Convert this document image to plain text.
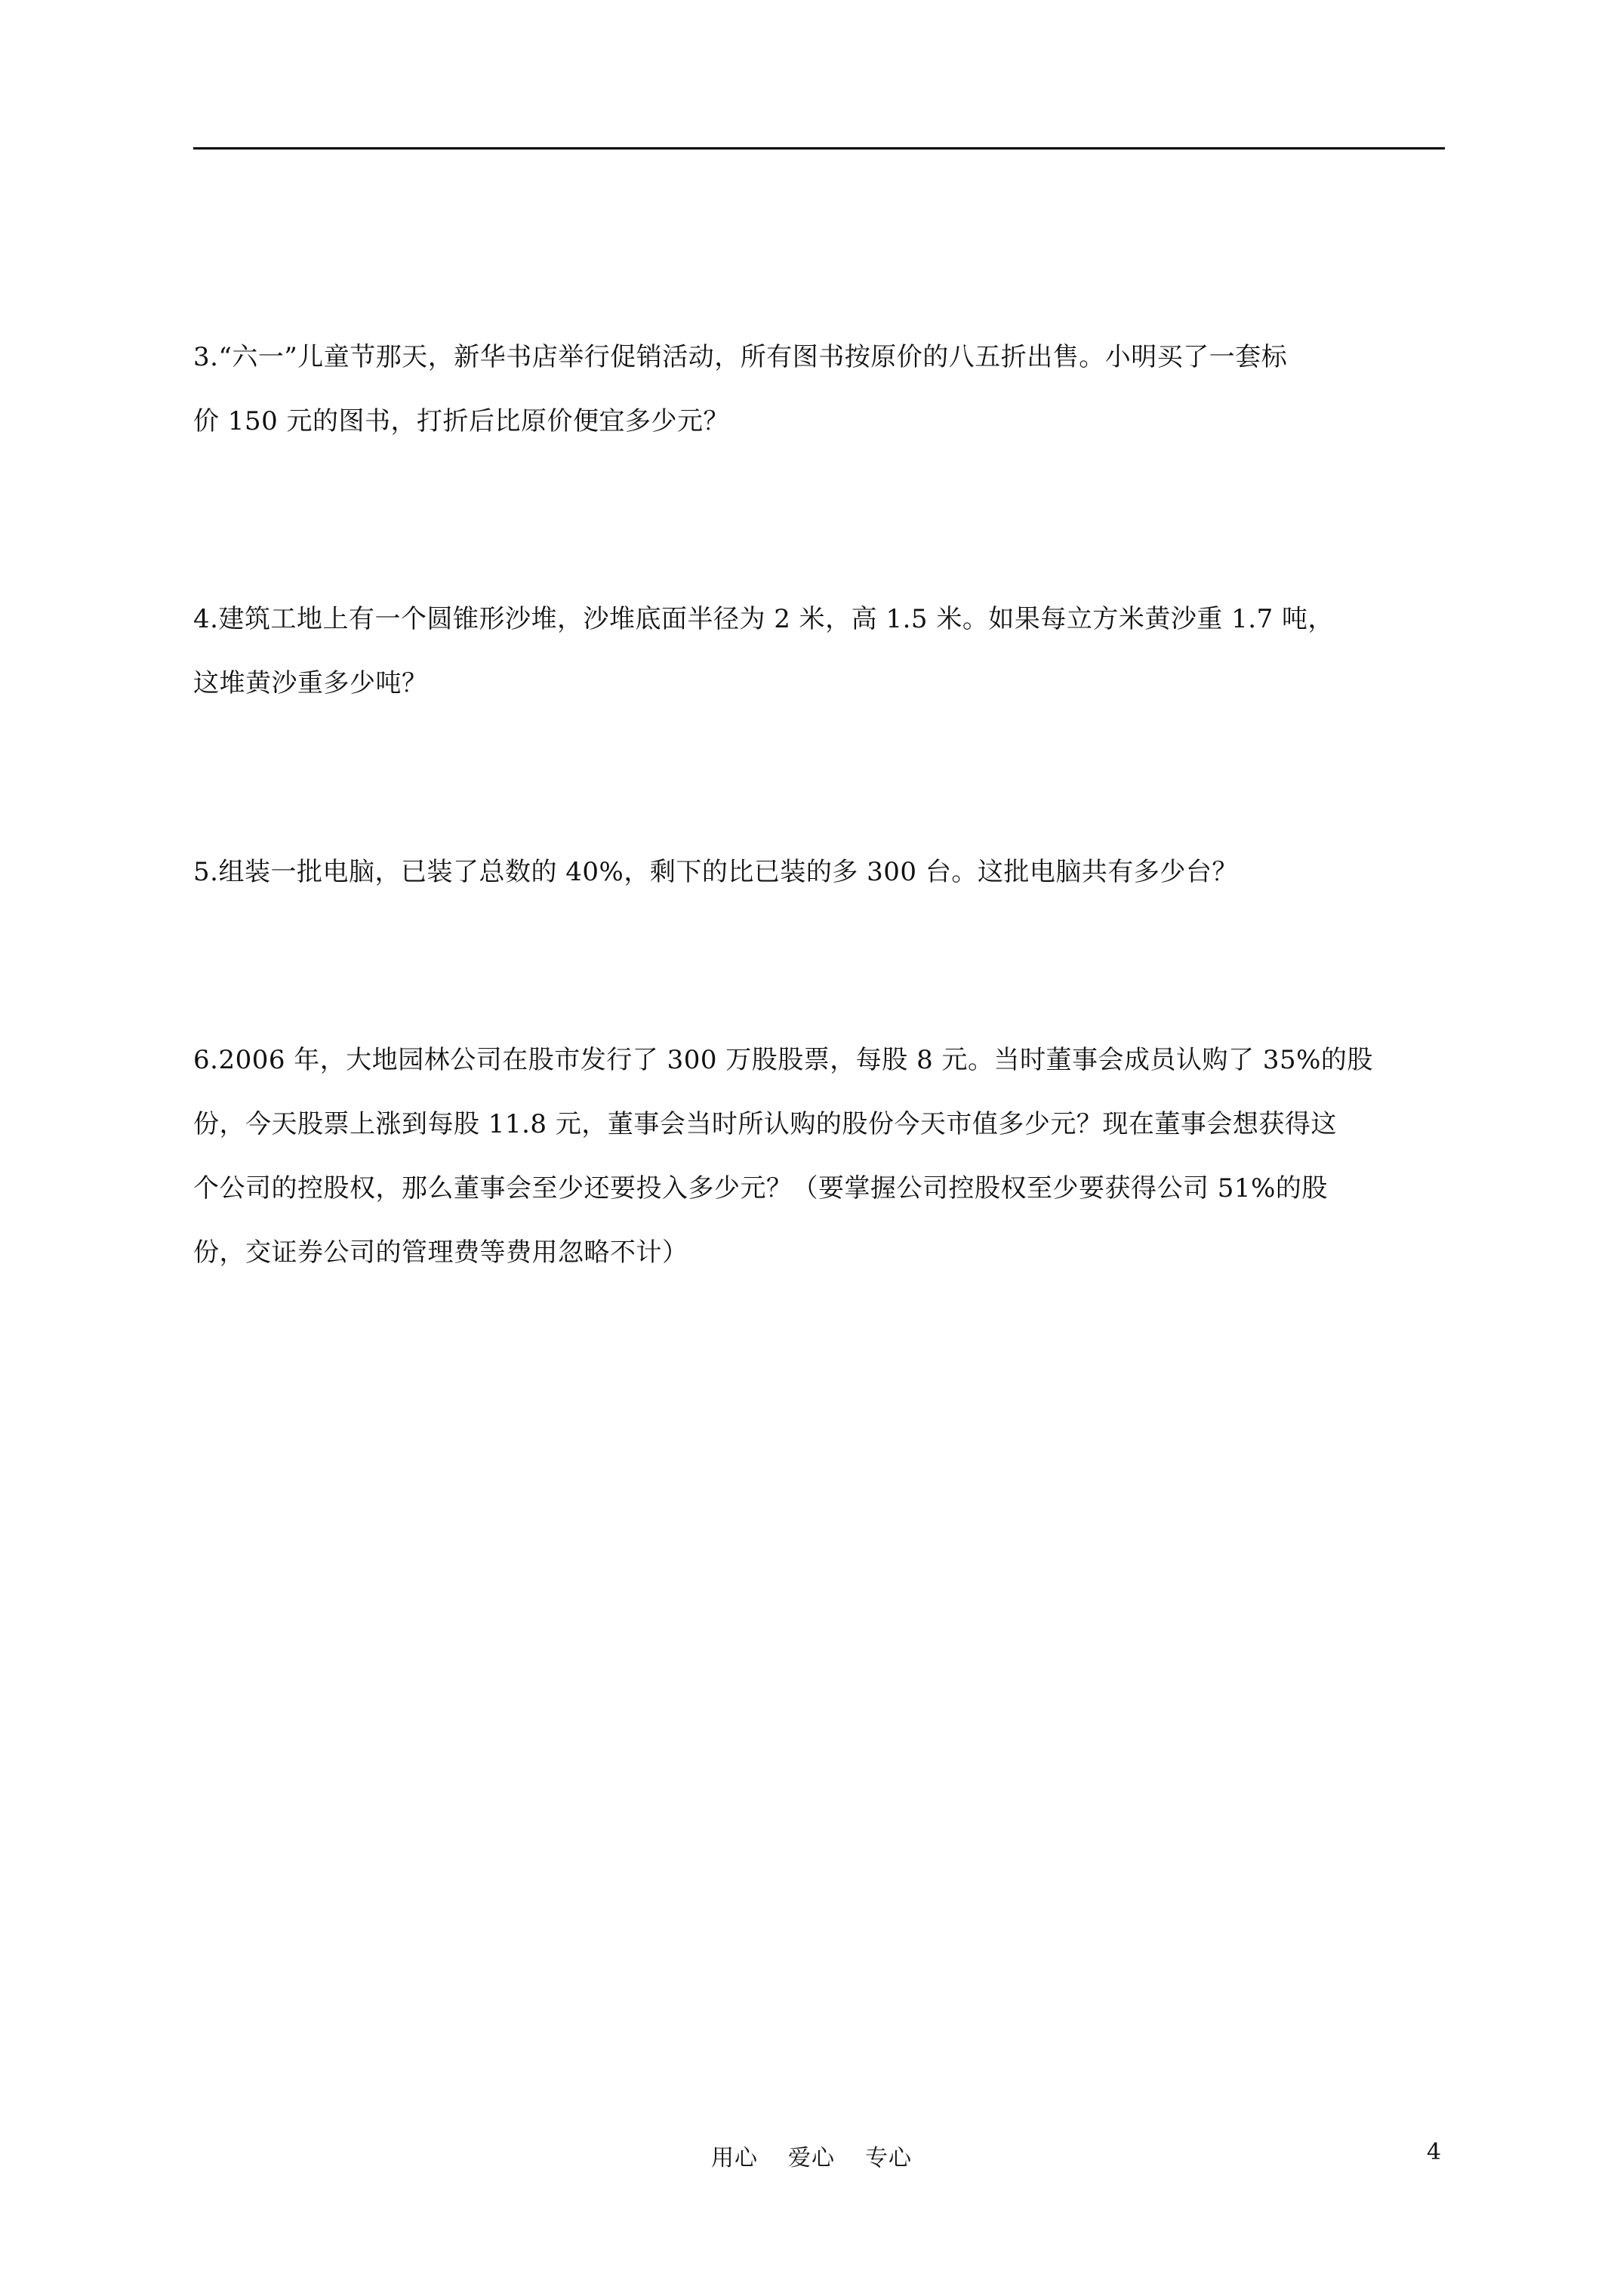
3.“六一”儿童节那天，新华书店举行促销活动，所有图书按原价的八五折出售。小明买了一套标
价 150 元的图书，打折后比原价便宜多少元？
4.建筑工地上有一个圆锥形沙堆，沙堆底面半径为 2 米，高 1.5 米。如果每立方米黄沙重 1.7 吨，
这堆黄沙重多少吨？
5.组装一批电脑，已装了总数的 40%，剩下的比已装的多 300 台。这批电脑共有多少台？
6.2006 年，大地园林公司在股市发行了 300 万股股票，每股 8 元。当时董事会成员认购了 35%的股
份，今天股票上涨到每股 11.8 元，董事会当时所认购的股份今天市值多少元？现在董事会想获得这
个公司的控股权，那么董事会至少还要投入多少元？（要掌握公司控股权至少要获得公司 51%的股
份，交证券公司的管理费等费用忽略不计）
用心 爱心 专心	4
